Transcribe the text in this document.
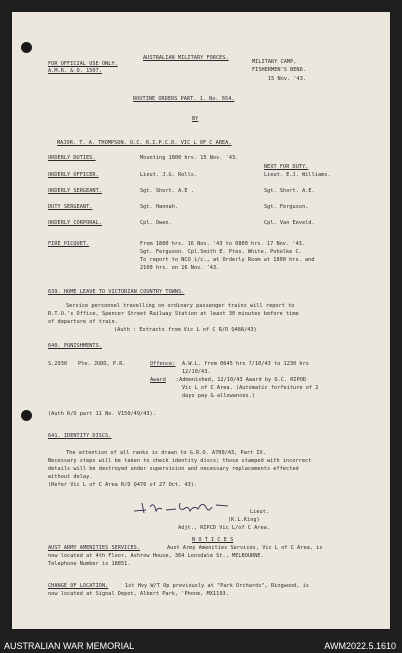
FOR OFFICIAL USE ONLY.
A.M.R. & O. 1507.
AUSTRALIAN MILITARY FORCES.
MILITARY CAMP,
FISHERMEN'S BEND.
15 Nov. '43.
ROUTINE ORDERS PART. 1. No. 654.
BY
MAJOR. T. A. THOMPSON. O.C. R.I.P.C.D. VIC L OF C AREA.
NEXT FOR DUTY.
ORDERLY DUTIES.	Mounting 1800 hrs. 15 Nov. '43.
ORDERLY OFFICER.	Lieut. J.G. Rolls.	Lieut. E.J. Williams.
ORDERLY SERGEANT.	Sgt. Short. A.E .	Sgt. Short. A.E.
DUTY SERGEANT.	Sgt. Hannah.	Sgt. Ferguson.
ORDERLY CORPORAL.	Cpl. Owen.	Cpl. Van Eeveld.
FIRE PICQUET.	From 1800 hrs. 16 Nov. '43 to 0800 hrs. 17 Nov. '43.
Sgt. Ferguson. Cpl.Smith E. Ptes. White. Poholke C.
To report to NCO i/c., at Orderly Room at 1800 hrs. and
2100 hrs. on 16 Nov. '43.
639. HOME LEAVE TO VICTORIAN COUNTRY TOWNS.
Service personnel travelling on ordinary passenger trains will report to
R.T.O.'s Office, Spencer Street Railway Station at least 30 minutes before time
of departure of train.
(Auth : Extracts from Vic L of C R/O Q488/43)
640. PUNISHMENTS.
S.2930 Pte. JUDD, P.R.	Offence: A.W.L. from 0645 hrs 7/10/43 to 1230 hrs
12/10/43.
Award :Admonished, 12/10/43 Award by O.C. RIPOD
Vic L of C Area. (Automatic forfeiture of 2
days pay & allowances.)
(Auth R/O part 11 No. V150/49/43).
641. IDENTITY DISCS.
The attention of all ranks is drawn to G.R.O. A700/43, Part IX.
Necessary steps will be taken to check identity discs; those stamped with incorrect
details will be destroyed under supervision and necessary replacements effected
without delay.
(Refer Vic L of C Area R/O Q476 of 27 Oct. 43).
Lieut.
(K.L.King)
Adjt., RIPCD Vic L/of C Area.
N O T I C E S
AUST ARMY AMENITIES SERVICES.	Aust Army Amenities Services, Vic L of C Area, is
now located at 4th Floor, Ashrow House, 364 Lonsdale St., MELBOURNE.
Telephone Number is 18851.
CHANGE OF LOCATION.	1st Hvy W/T Op previously at "Park Orchards", Ringwood, is
now located at Signal Depot, Albert Park, 'Phone, MX1193.
AUSTRALIAN WAR MEMORIAL	AWM2022.5.1610
